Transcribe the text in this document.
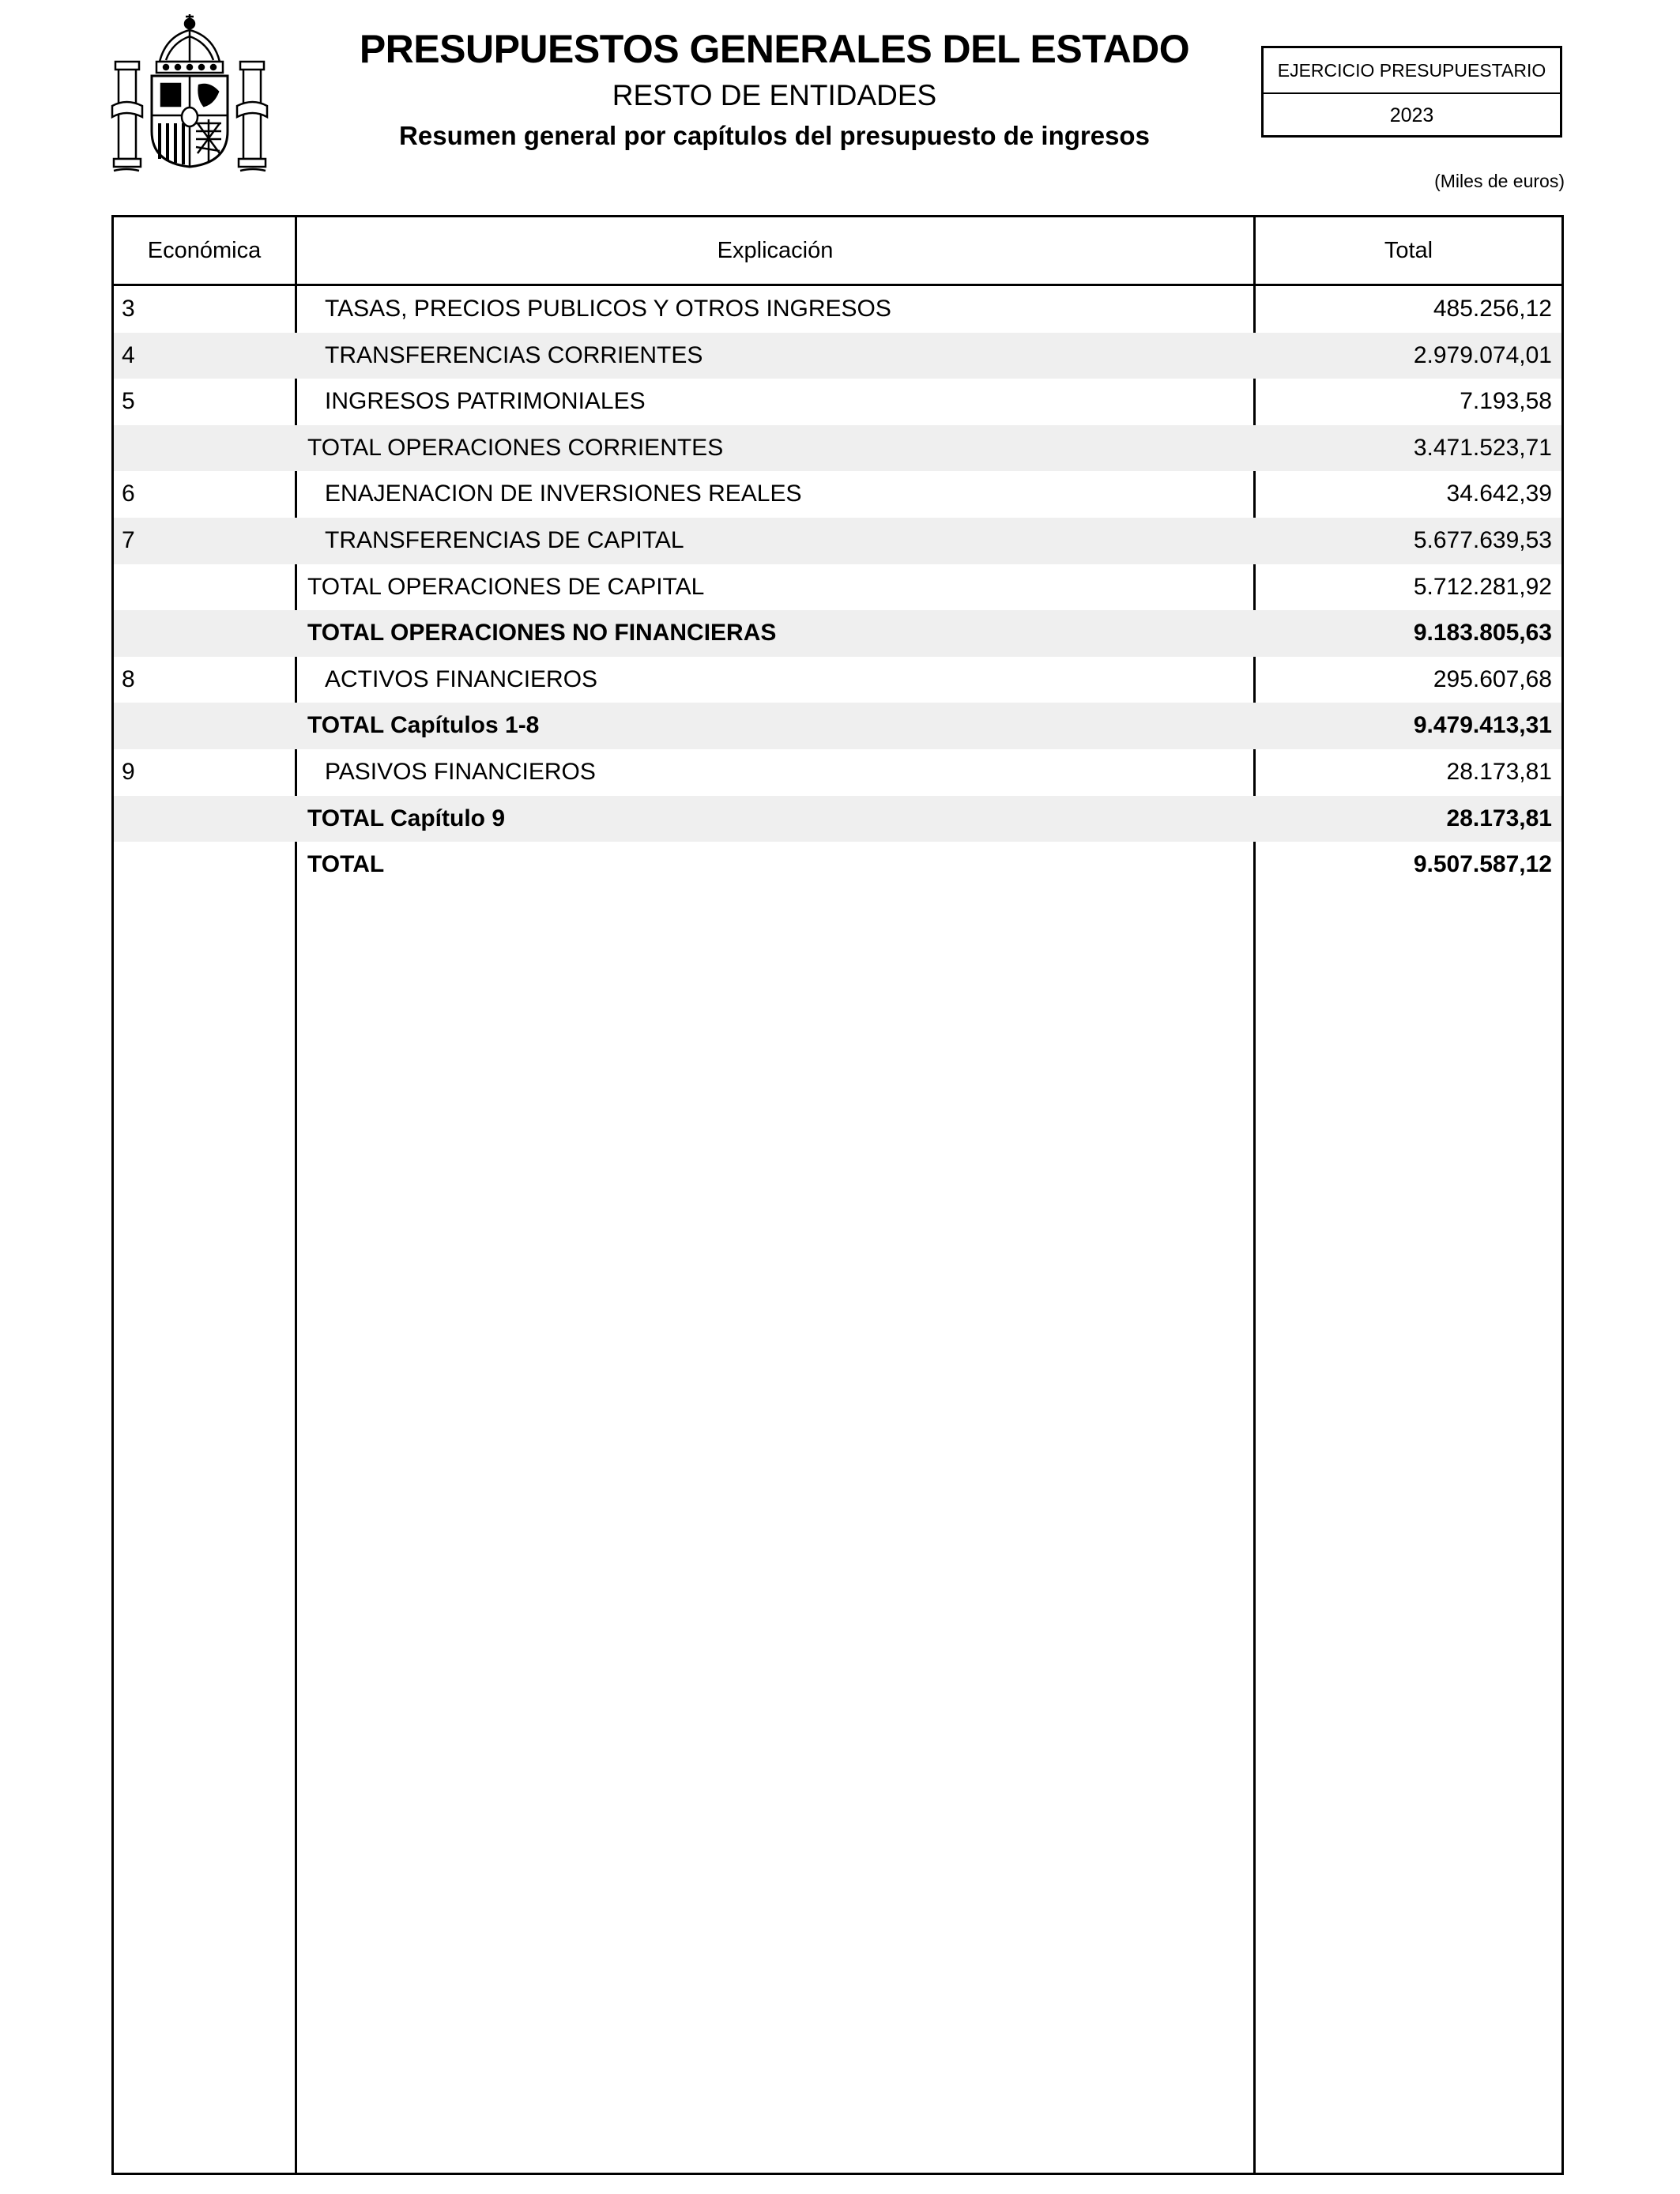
PRESUPUESTOS GENERALES DEL ESTADO
RESTO DE ENTIDADES
Resumen general por capítulos del presupuesto de ingresos
EJERCICIO PRESUPUESTARIO
2023
(Miles de euros)
Económica	Explicación	Total
3	TASAS, PRECIOS PUBLICOS Y OTROS INGRESOS	485.256,12
4	TRANSFERENCIAS CORRIENTES	2.979.074,01
5	INGRESOS PATRIMONIALES	7.193,58
TOTAL OPERACIONES CORRIENTES	3.471.523,71
6	ENAJENACION DE INVERSIONES REALES	34.642,39
7	TRANSFERENCIAS DE CAPITAL	5.677.639,53
TOTAL OPERACIONES DE CAPITAL	5.712.281,92
TOTAL OPERACIONES NO FINANCIERAS	9.183.805,63
8	ACTIVOS FINANCIEROS	295.607,68
TOTAL Capítulos 1-8	9.479.413,31
9	PASIVOS FINANCIEROS	28.173,81
TOTAL Capítulo 9	28.173,81
TOTAL	9.507.587,12
